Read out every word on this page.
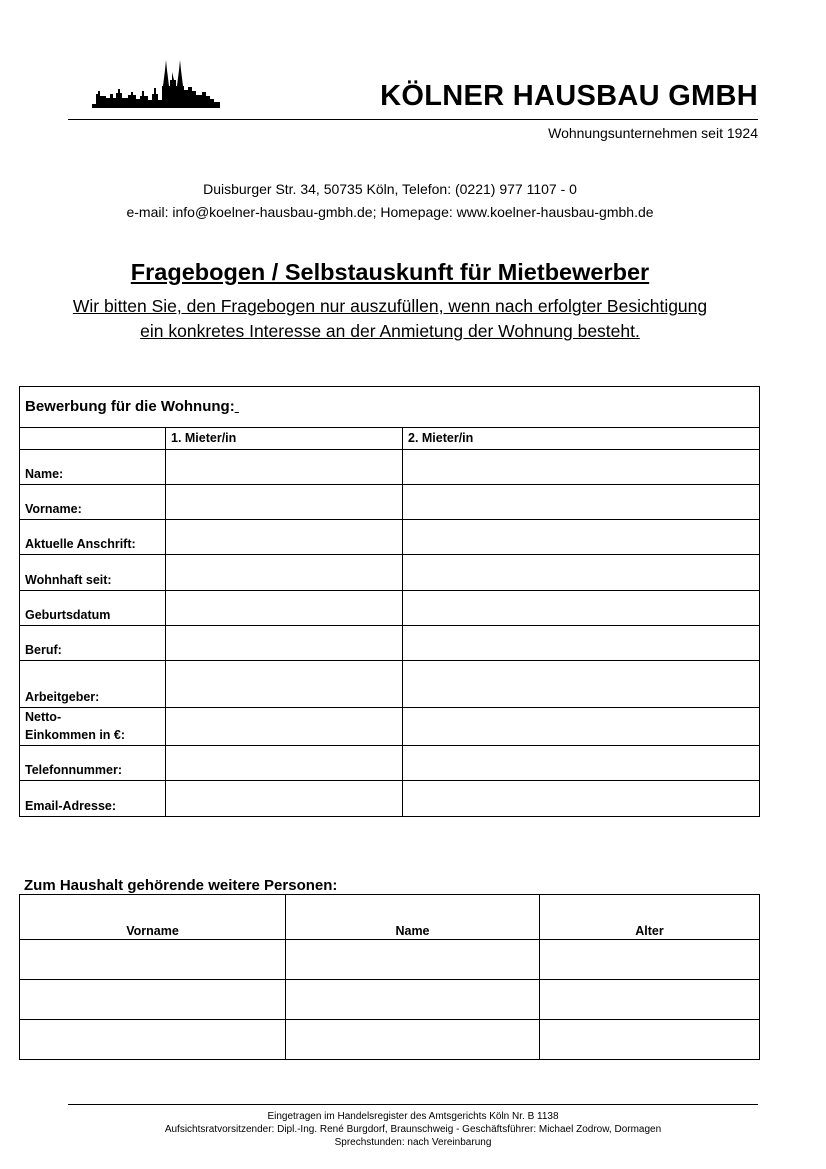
KÖLNER HAUSBAU GMBH
Wohnungsunternehmen seit 1924
Duisburger Str. 34, 50735 Köln, Telefon: (0221) 977 1107 - 0
e-mail: info@koelner-hausbau-gmbh.de; Homepage: www.koelner-hausbau-gmbh.de
Fragebogen / Selbstauskunft für Mietbewerber
Wir bitten Sie, den Fragebogen nur auszufüllen, wenn nach erfolgter Besichtigung
ein konkretes Interesse an der Anmietung der Wohnung besteht.
Bewerbung für die Wohnung:		
	1. Mieter/in	2. Mieter/in
Name:		
Vorname:		
Aktuelle Anschrift:		
Wohnhaft seit:		
Geburtsdatum		
Beruf:		
Arbeitgeber:		

Netto-
Einkommen in €:		

Telefonnummer:		
Email-Adresse:		
Zum Haushalt gehörende weitere Personen:
Vorname	Name	Alter

Eingetragen im Handelsregister des Amtsgerichts Köln Nr. B 1138
Aufsichtsratvorsitzender: Dipl.-Ing. René Burgdorf, Braunschweig - Geschäftsführer: Michael Zodrow, Dormagen
Sprechstunden: nach Vereinbarung
